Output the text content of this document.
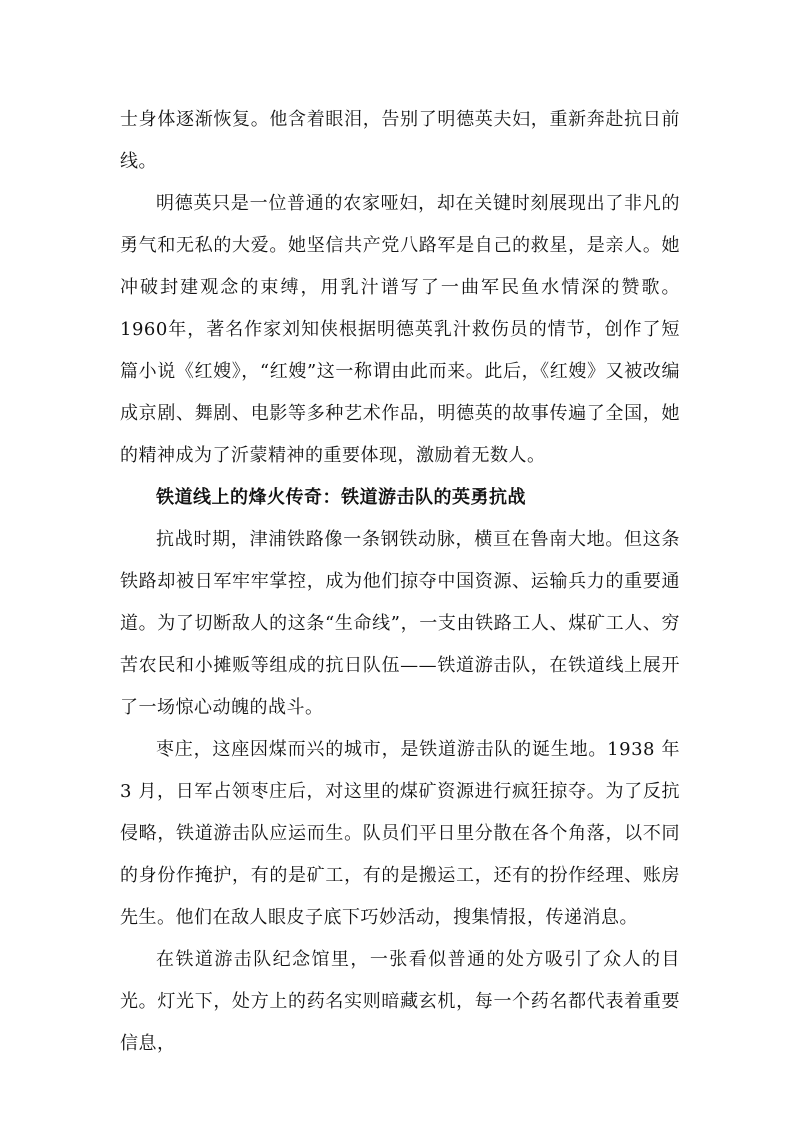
士身体逐渐恢复。他含着眼泪，告别了明德英夫妇，重新奔赴抗日前线。

明德英只是一位普通的农家哑妇，却在关键时刻展现出了非凡的勇气和无私的大爱。她坚信共产党八路军是自己的救星，是亲人。她冲破封建观念的束缚，用乳汁谱写了一曲军民鱼水情深的赞歌。1960年，著名作家刘知侠根据明德英乳汁救伤员的情节，创作了短篇小说《红嫂》，“红嫂”这一称谓由此而来。此后，《红嫂》又被改编成京剧、舞剧、电影等多种艺术作品，明德英的故事传遍了全国，她的精神成为了沂蒙精神的重要体现，激励着无数人。

铁道线上的烽火传奇：铁道游击队的英勇抗战

抗战时期，津浦铁路像一条钢铁动脉，横亘在鲁南大地。但这条铁路却被日军牢牢掌控，成为他们掠夺中国资源、运输兵力的重要通道。为了切断敌人的这条“生命线”，一支由铁路工人、煤矿工人、穷苦农民和小摊贩等组成的抗日队伍——铁道游击队，在铁道线上展开了一场惊心动魄的战斗。

枣庄，这座因煤而兴的城市，是铁道游击队的诞生地。1938 年 3 月，日军占领枣庄后，对这里的煤矿资源进行疯狂掠夺。为了反抗侵略，铁道游击队应运而生。队员们平日里分散在各个角落，以不同的身份作掩护，有的是矿工，有的是搬运工，还有的扮作经理、账房先生。他们在敌人眼皮子底下巧妙活动，搜集情报，传递消息。

在铁道游击队纪念馆里，一张看似普通的处方吸引了众人的目光。灯光下，处方上的药名实则暗藏玄机，每一个药名都代表着重要信息，
